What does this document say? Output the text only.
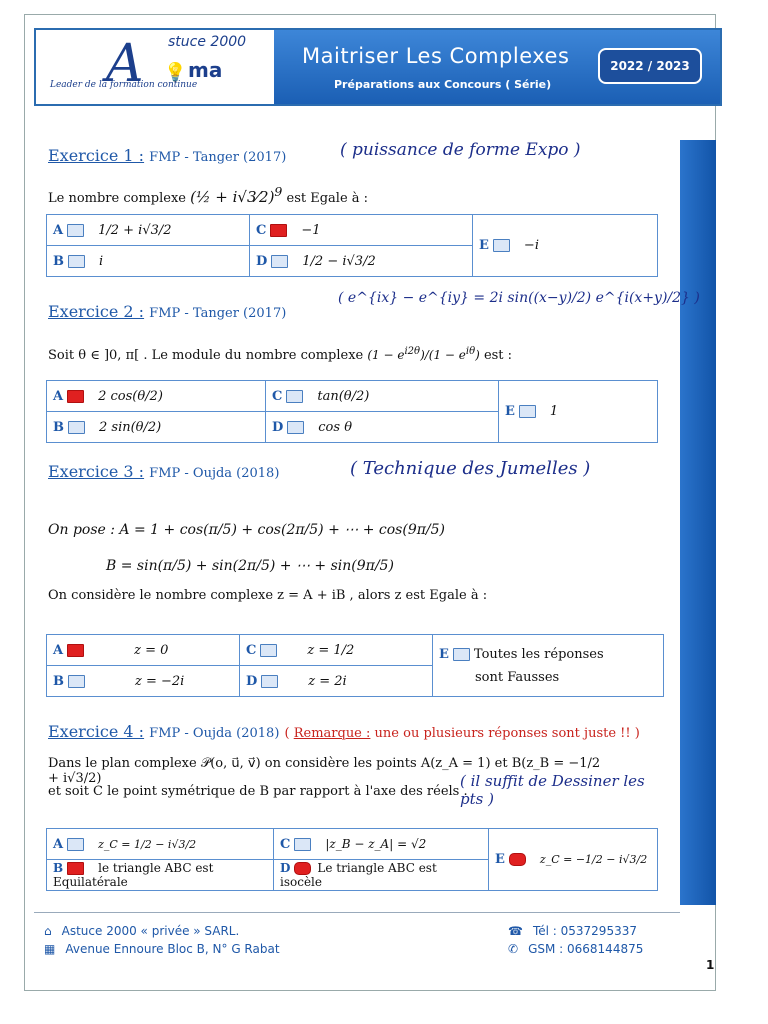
A stuce 2000
💡 ma
Leader de la formation continue
Maitriser Les Complexes
Préparations aux Concours ( Série)
2022 / 2023
Exercice 1 : FMP - Tanger (2017)	( puissance de forme Expo )
Le nombre complexe (½ + i√3⁄2)$^9$ est Egale à :
A 1/2 + i√3/2	C −1	E −i
B i	D 1/2 − i√3/2	
Exercice 2 : FMP - Tanger (2017)
( e^{ix} − e^{iy} = 2i sin((x−y)/2) e^{i(x+y)/2} )
Soit θ ∈ ]0, π[ . Le module du nombre complexe $(1 - e^{i2\theta})/(1 - e^{i\theta})$ est :
A 2 cos(θ/2)	C tan(θ/2)	E 1
B 2 sin(θ/2)	D cos θ	
Exercice 3 : FMP - Oujda (2018)	( Technique des Jumelles )
On pose : A = 1 + cos(π/5) + cos(2π/5) + ⋯ + cos(9π/5)
B = sin(π/5) + sin(2π/5) + ⋯ + sin(9π/5)
On considère le nombre complexe z = A + iB , alors z est Egale à :
A z = 0	C z = 1/2	E Toutes les réponses
sont Fausses
B z = −2i	D z = 2i	
Exercice 4 : FMP - Oujda (2018) ( Remarque : une ou plusieurs réponses sont juste !! )
Dans le plan complexe 𝒫(o, u⃗, v⃗) on considère les points A(z_A = 1) et B(z_B = −1/2 + i√3/2)
et soit C le point symétrique de B par rapport à l'axe des réels .
( il suffit de Dessiner les pts )
A z_C = 1/2 − i√3/2	C |z_B − z_A| = √2	E z_C = −1/2 − i√3/2
B le triangle ABC est Equilatérale	D Le triangle ABC est isocèle	
⌂ Astuce 2000 « privée » SARL.
▦ Avenue Ennoure Bloc B, N° G Rabat
☎ Tél : 0537295337
✆ GSM : 0668144875
1
